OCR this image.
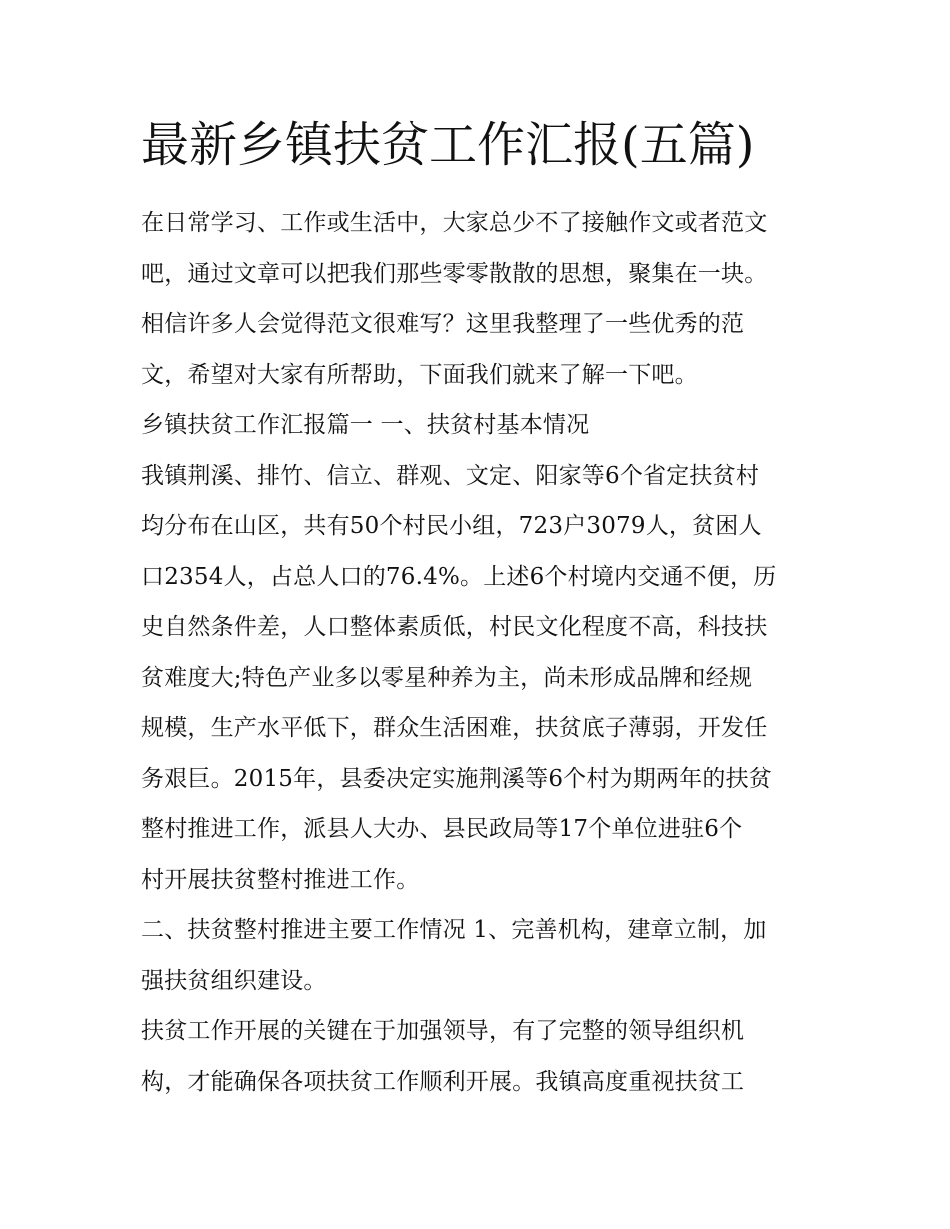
最新乡镇扶贫工作汇报(五篇)

在日常学习、工作或生活中，大家总少不了接触作文或者范文
吧，通过文章可以把我们那些零零散散的思想，聚集在一块。
相信许多人会觉得范文很难写？这里我整理了一些优秀的范
文，希望对大家有所帮助，下面我们就来了解一下吧。

乡镇扶贫工作汇报篇一 一、扶贫村基本情况

我镇荆溪、排竹、信立、群观、文定、阳家等6个省定扶贫村
均分布在山区，共有50个村民小组，723户3079人，贫困人
口2354人，占总人口的76.4%。上述6个村境内交通不便，历
史自然条件差，人口整体素质低，村民文化程度不高，科技扶
贫难度大;特色产业多以零星种养为主，尚未形成品牌和经规
规模，生产水平低下，群众生活困难，扶贫底子薄弱，开发任
务艰巨。2015年，县委决定实施荆溪等6个村为期两年的扶贫
整村推进工作，派县人大办、县民政局等17个单位进驻6个
村开展扶贫整村推进工作。

二、扶贫整村推进主要工作情况 1、完善机构，建章立制，加
强扶贫组织建设。

扶贫工作开展的关键在于加强领导，有了完整的领导组织机
构，才能确保各项扶贫工作顺利开展。我镇高度重视扶贫工
